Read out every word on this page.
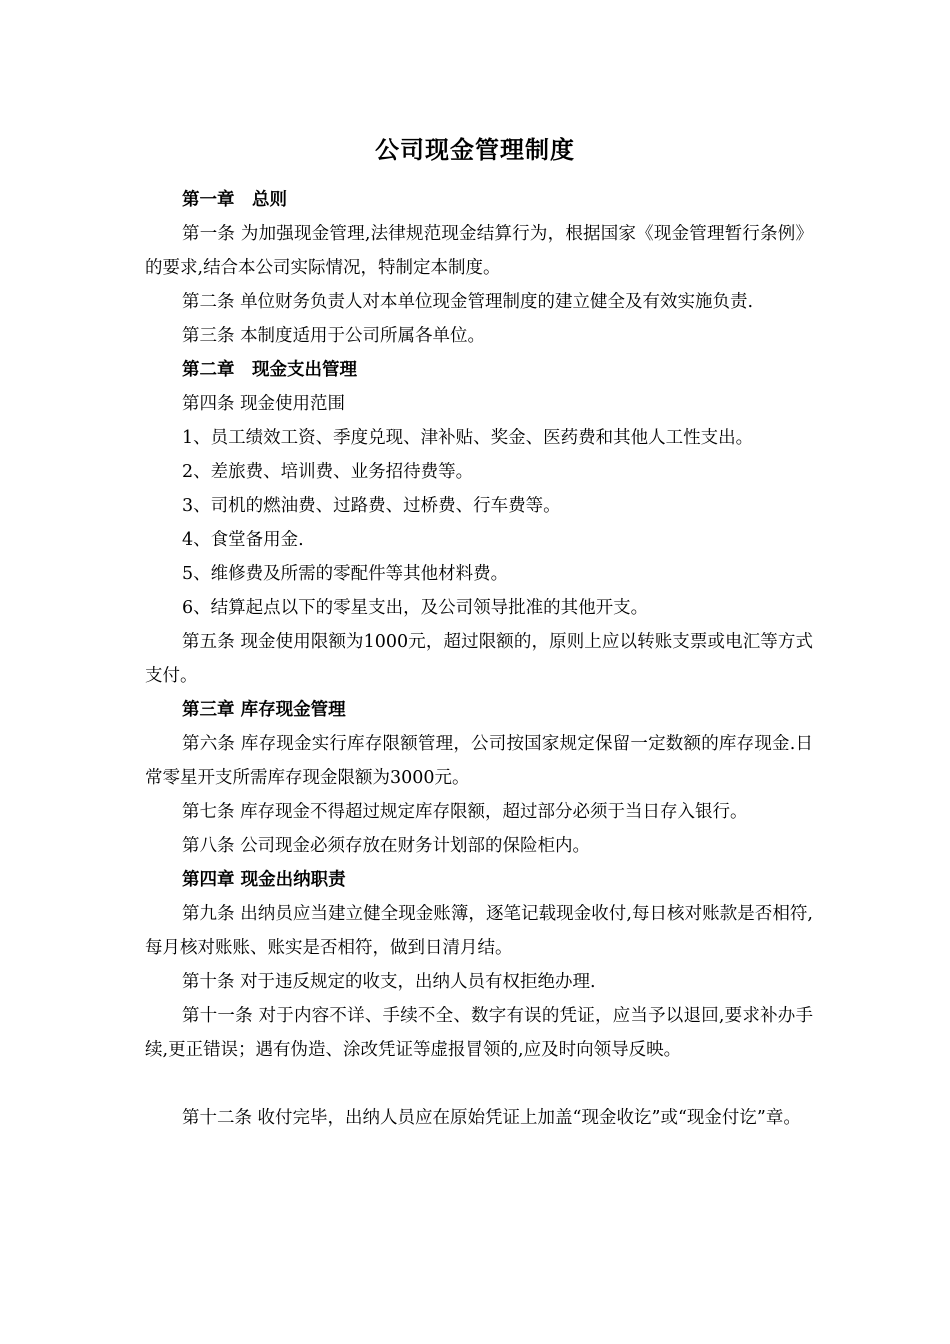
公司现金管理制度

第一章　总则

第一条 为加强现金管理,法律规范现金结算行为，根据国家《现金管理暂行条例》的要求,结合本公司实际情况，特制定本制度。

第二条 单位财务负责人对本单位现金管理制度的建立健全及有效实施负责.

第三条 本制度适用于公司所属各单位。

第二章　现金支出管理

第四条 现金使用范围

1、员工绩效工资、季度兑现、津补贴、奖金、医药费和其他人工性支出。

2、差旅费、培训费、业务招待费等。

3、司机的燃油费、过路费、过桥费、行车费等。

4、食堂备用金.

5、维修费及所需的零配件等其他材料费。

6、结算起点以下的零星支出，及公司领导批准的其他开支。

第五条 现金使用限额为1000元，超过限额的，原则上应以转账支票或电汇等方式支付。

第三章 库存现金管理

第六条 库存现金实行库存限额管理，公司按国家规定保留一定数额的库存现金.日常零星开支所需库存现金限额为3000元。

第七条 库存现金不得超过规定库存限额，超过部分必须于当日存入银行。

第八条 公司现金必须存放在财务计划部的保险柜内。

第四章 现金出纳职责

第九条 出纳员应当建立健全现金账簿，逐笔记载现金收付,每日核对账款是否相符,每月核对账账、账实是否相符，做到日清月结。

第十条 对于违反规定的收支，出纳人员有权拒绝办理.

第十一条 对于内容不详、手续不全、数字有误的凭证，应当予以退回,要求补办手续,更正错误；遇有伪造、涂改凭证等虚报冒领的,应及时向领导反映。

第十二条 收付完毕，出纳人员应在原始凭证上加盖“现金收讫”或“现金付讫”章。
